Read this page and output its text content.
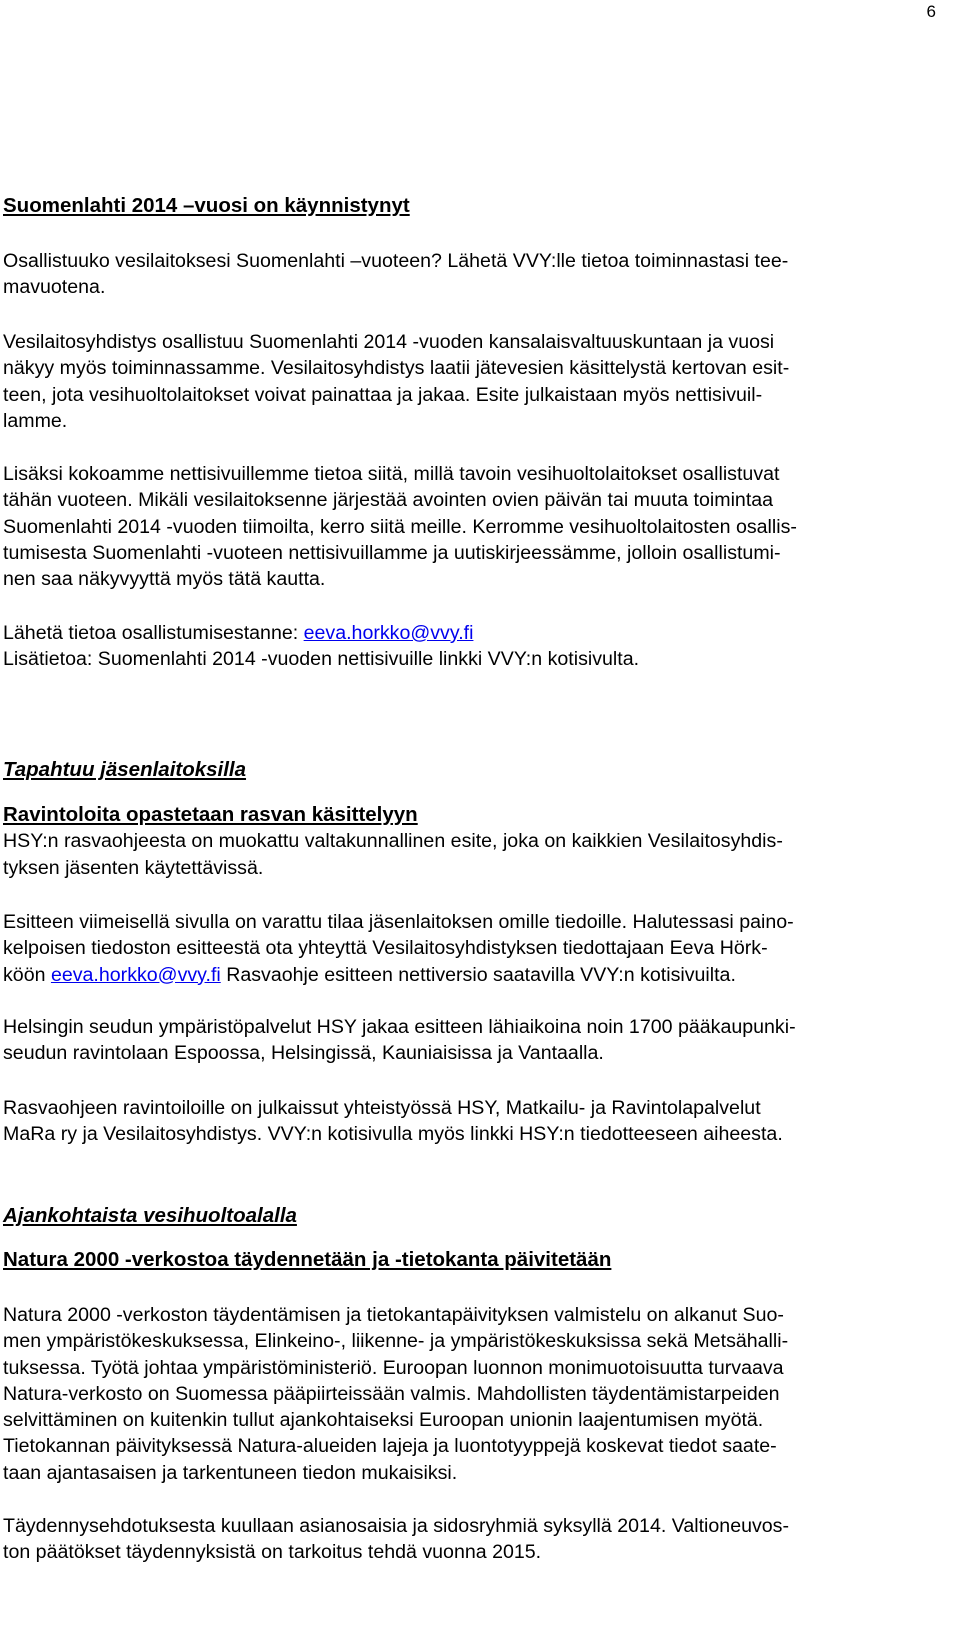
6

Suomenlahti 2014 –vuosi on käynnistynyt

Osallistuuko vesilaitoksesi Suomenlahti –vuoteen? Lähetä VVY:lle tietoa toiminnastasi tee-

mavuotena.

Vesilaitosyhdistys osallistuu Suomenlahti 2014 -vuoden kansalaisvaltuuskuntaan ja vuosi

näkyy myös toiminnassamme. Vesilaitosyhdistys laatii jätevesien käsittelystä kertovan esit-

teen, jota vesihuoltolaitokset voivat painattaa ja jakaa. Esite julkaistaan myös nettisivuil-

lamme.

Lisäksi kokoamme nettisivuillemme tietoa siitä, millä tavoin vesihuoltolaitokset osallistuvat

tähän vuoteen. Mikäli vesilaitoksenne järjestää avointen ovien päivän tai muuta toimintaa

Suomenlahti 2014 -vuoden tiimoilta, kerro siitä meille. Kerromme vesihuoltolaitosten osallis-

tumisesta Suomenlahti -vuoteen nettisivuillamme ja uutiskirjeessämme, jolloin osallistumi-

nen saa näkyvyyttä myös tätä kautta.

Lähetä tietoa osallistumisestanne: eeva.horkko@vvy.fi

Lisätietoa: Suomenlahti 2014 -vuoden nettisivuille linkki VVY:n kotisivulta.

Tapahtuu jäsenlaitoksilla

Ravintoloita opastetaan rasvan käsittelyyn

HSY:n rasvaohjeesta on muokattu valtakunnallinen esite, joka on kaikkien Vesilaitosyhdis-

tyksen jäsenten käytettävissä.

Esitteen viimeisellä sivulla on varattu tilaa jäsenlaitoksen omille tiedoille. Halutessasi paino-

kelpoisen tiedoston esitteestä ota yhteyttä Vesilaitosyhdistyksen tiedottajaan Eeva Hörk-

köön eeva.horkko@vvy.fi Rasvaohje esitteen nettiversio saatavilla VVY:n kotisivuilta.

Helsingin seudun ympäristöpalvelut HSY jakaa esitteen lähiaikoina noin 1700 pääkaupunki-

seudun ravintolaan Espoossa, Helsingissä, Kauniaisissa ja Vantaalla.

Rasvaohjeen ravintoiloille on julkaissut yhteistyössä HSY, Matkailu- ja Ravintolapalvelut

MaRa ry ja Vesilaitosyhdistys. VVY:n kotisivulla myös linkki HSY:n tiedotteeseen aiheesta.

Ajankohtaista vesihuoltoalalla

Natura 2000 -verkostoa täydennetään ja -tietokanta päivitetään

Natura 2000 -verkoston täydentämisen ja tietokantapäivityksen valmistelu on alkanut Suo-

men ympäristökeskuksessa, Elinkeino-, liikenne- ja ympäristökeskuksissa sekä Metsähalli-

tuksessa. Työtä johtaa ympäristöministeriö. Euroopan luonnon monimuotoisuutta turvaava

Natura-verkosto on Suomessa pääpiirteissään valmis. Mahdollisten täydentämistarpeiden

selvittäminen on kuitenkin tullut ajankohtaiseksi Euroopan unionin laajentumisen myötä.

Tietokannan päivityksessä Natura-alueiden lajeja ja luontotyyppejä koskevat tiedot saate-

taan ajantasaisen ja tarkentuneen tiedon mukaisiksi.

Täydennysehdotuksesta kuullaan asianosaisia ja sidosryhmiä syksyllä 2014. Valtioneuvos-

ton päätökset täydennyksistä on tarkoitus tehdä vuonna 2015.
